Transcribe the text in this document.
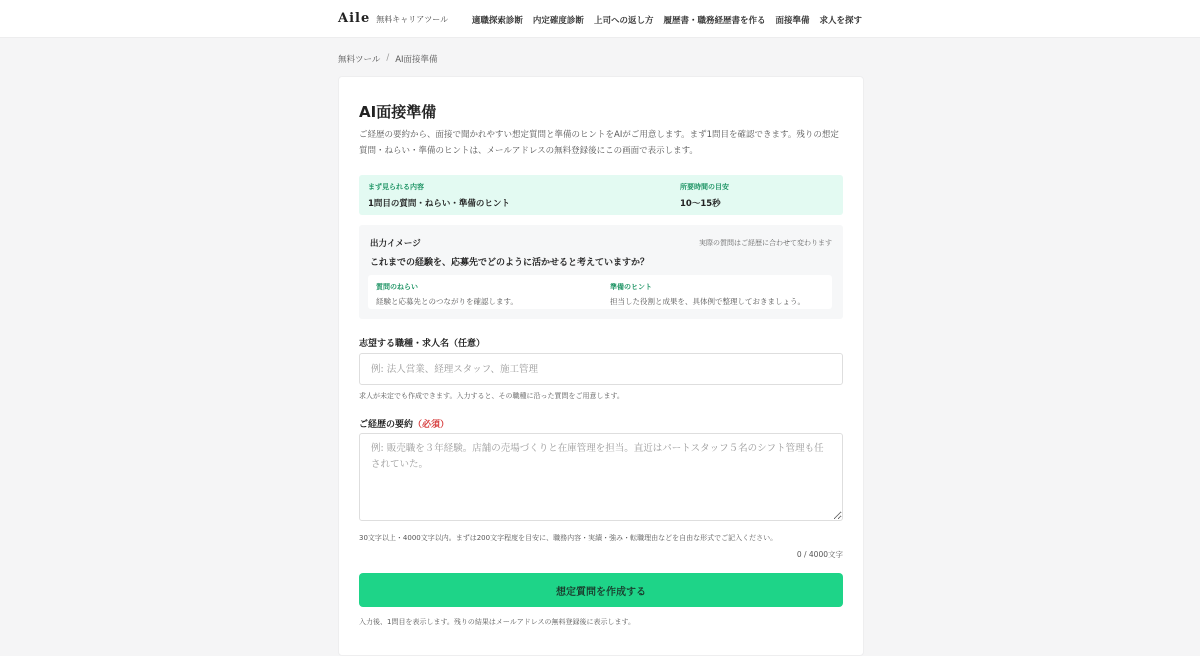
Aile 無料キャリアツール	適職探索診断 内定確度診断 上司への返し方 履歴書・職務経歴書を作る 面接準備 求人を探す
無料ツール / AI面接準備
AI面接準備

ご経歴の要約から、面接で聞かれやすい想定質問と準備のヒントをAIがご用意します。まず1問目を確認できます。残りの想定質問・ねらい・準備のヒントは、メールアドレスの無料登録後にこの画面で表示します。

まず見られる内容
1問目の質問・ねらい・準備のヒント
所要時間の目安
10〜15秒
出力イメージ	実際の質問はご経歴に合わせて変わります
これまでの経験を、応募先でどのように活かせると考えていますか？
質問のねらい
経験と応募先とのつながりを確認します。
準備のヒント
担当した役割と成果を、具体例で整理しておきましょう。
志望する職種・求人名（任意）
例: 法人営業、経理スタッフ、施工管理
求人が未定でも作成できます。入力すると、その職種に沿った質問をご用意します。
ご経歴の要約（必須）
例: 販売職を３年経験。店舗の売場づくりと在庫管理を担当。直近はパートスタッフ５名のシフト管理も任されていた。
30文字以上・4000文字以内。まずは200文字程度を目安に、職務内容・実績・強み・転職理由などを自由な形式でご記入ください。
0 / 4000文字
想定質問を作成する
入力後、1問目を表示します。残りの結果はメールアドレスの無料登録後に表示します。
